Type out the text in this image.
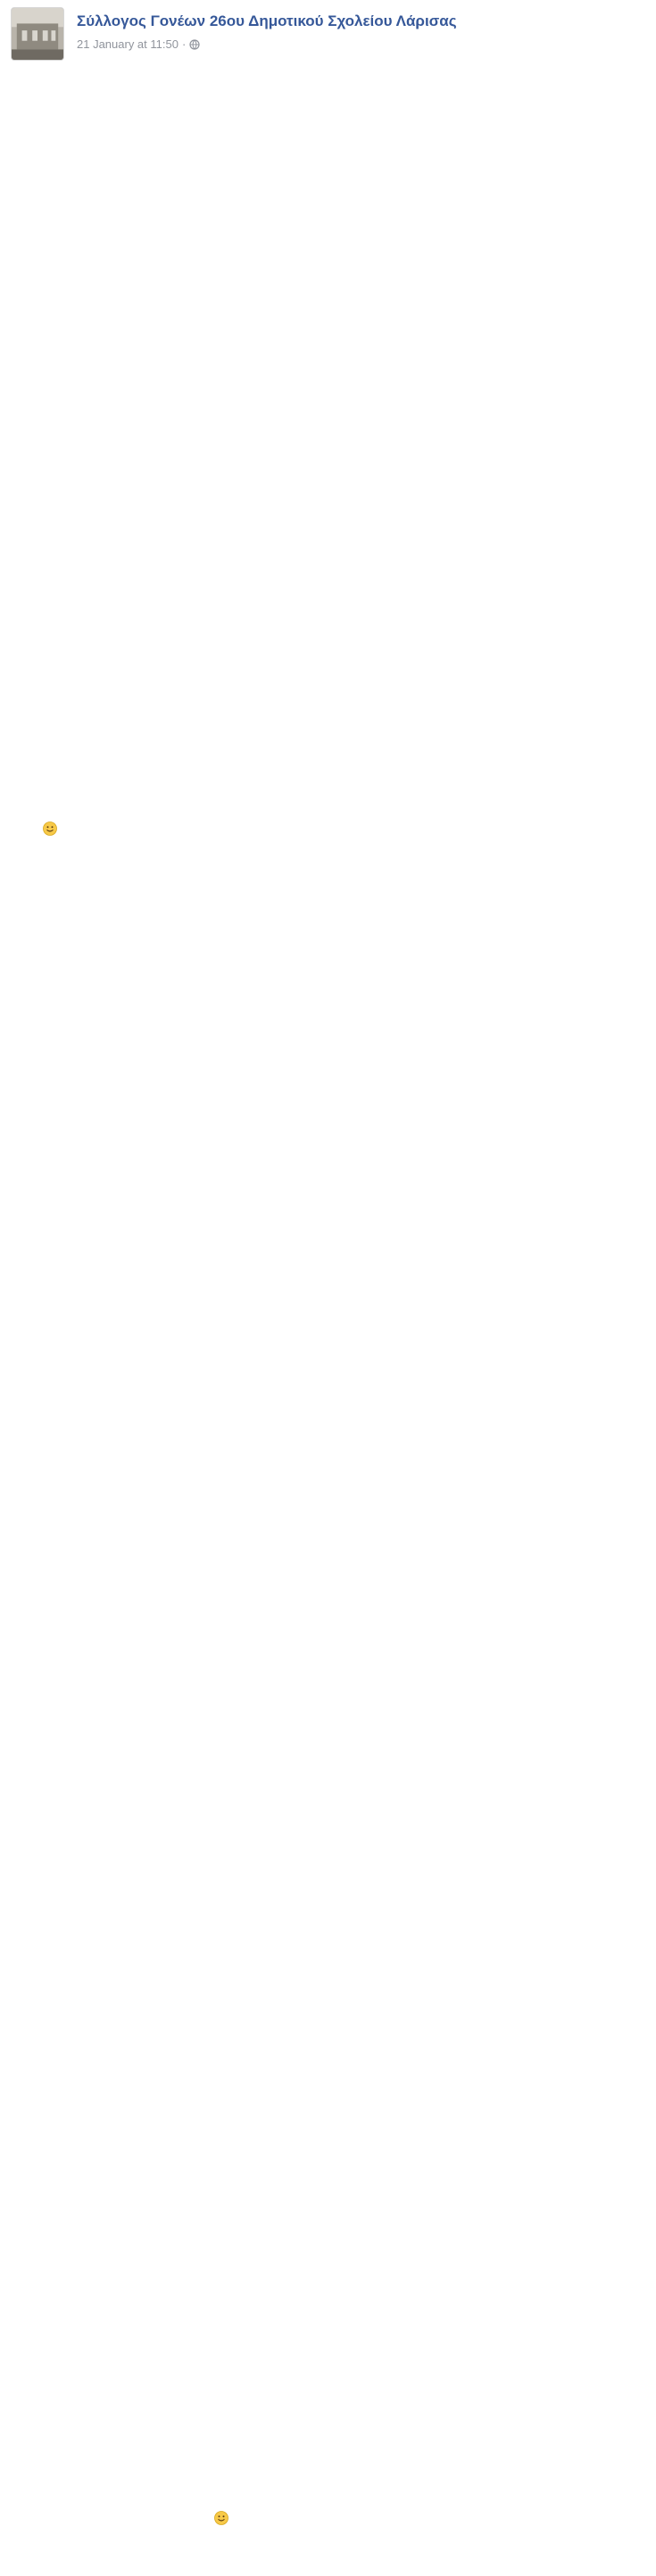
Σύλλογος Γονέων 26ου Δημοτικού Σχολείου Λάρισας
21 January at 11:50 ·
